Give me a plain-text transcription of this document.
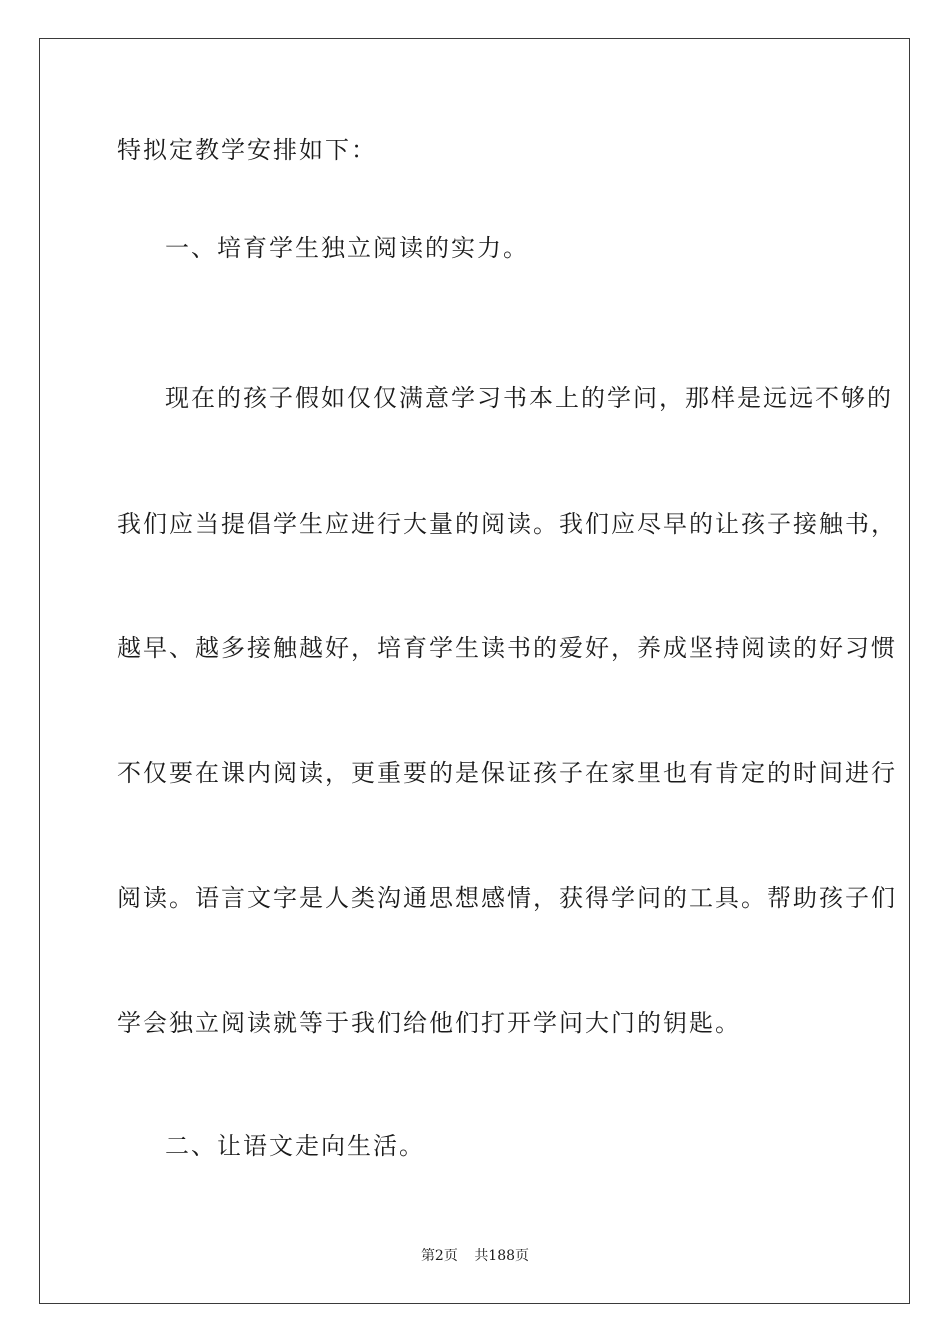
特拟定教学安排如下：
一、培育学生独立阅读的实力。
现在的孩子假如仅仅满意学习书本上的学问，那样是远远不够的
我们应当提倡学生应进行大量的阅读。我们应尽早的让孩子接触书，
越早、越多接触越好，培育学生读书的爱好，养成坚持阅读的好习惯
不仅要在课内阅读，更重要的是保证孩子在家里也有肯定的时间进行
阅读。语言文字是人类沟通思想感情，获得学问的工具。帮助孩子们
学会独立阅读就等于我们给他们打开学问大门的钥匙。
二、让语文走向生活。
第2页 共188页
